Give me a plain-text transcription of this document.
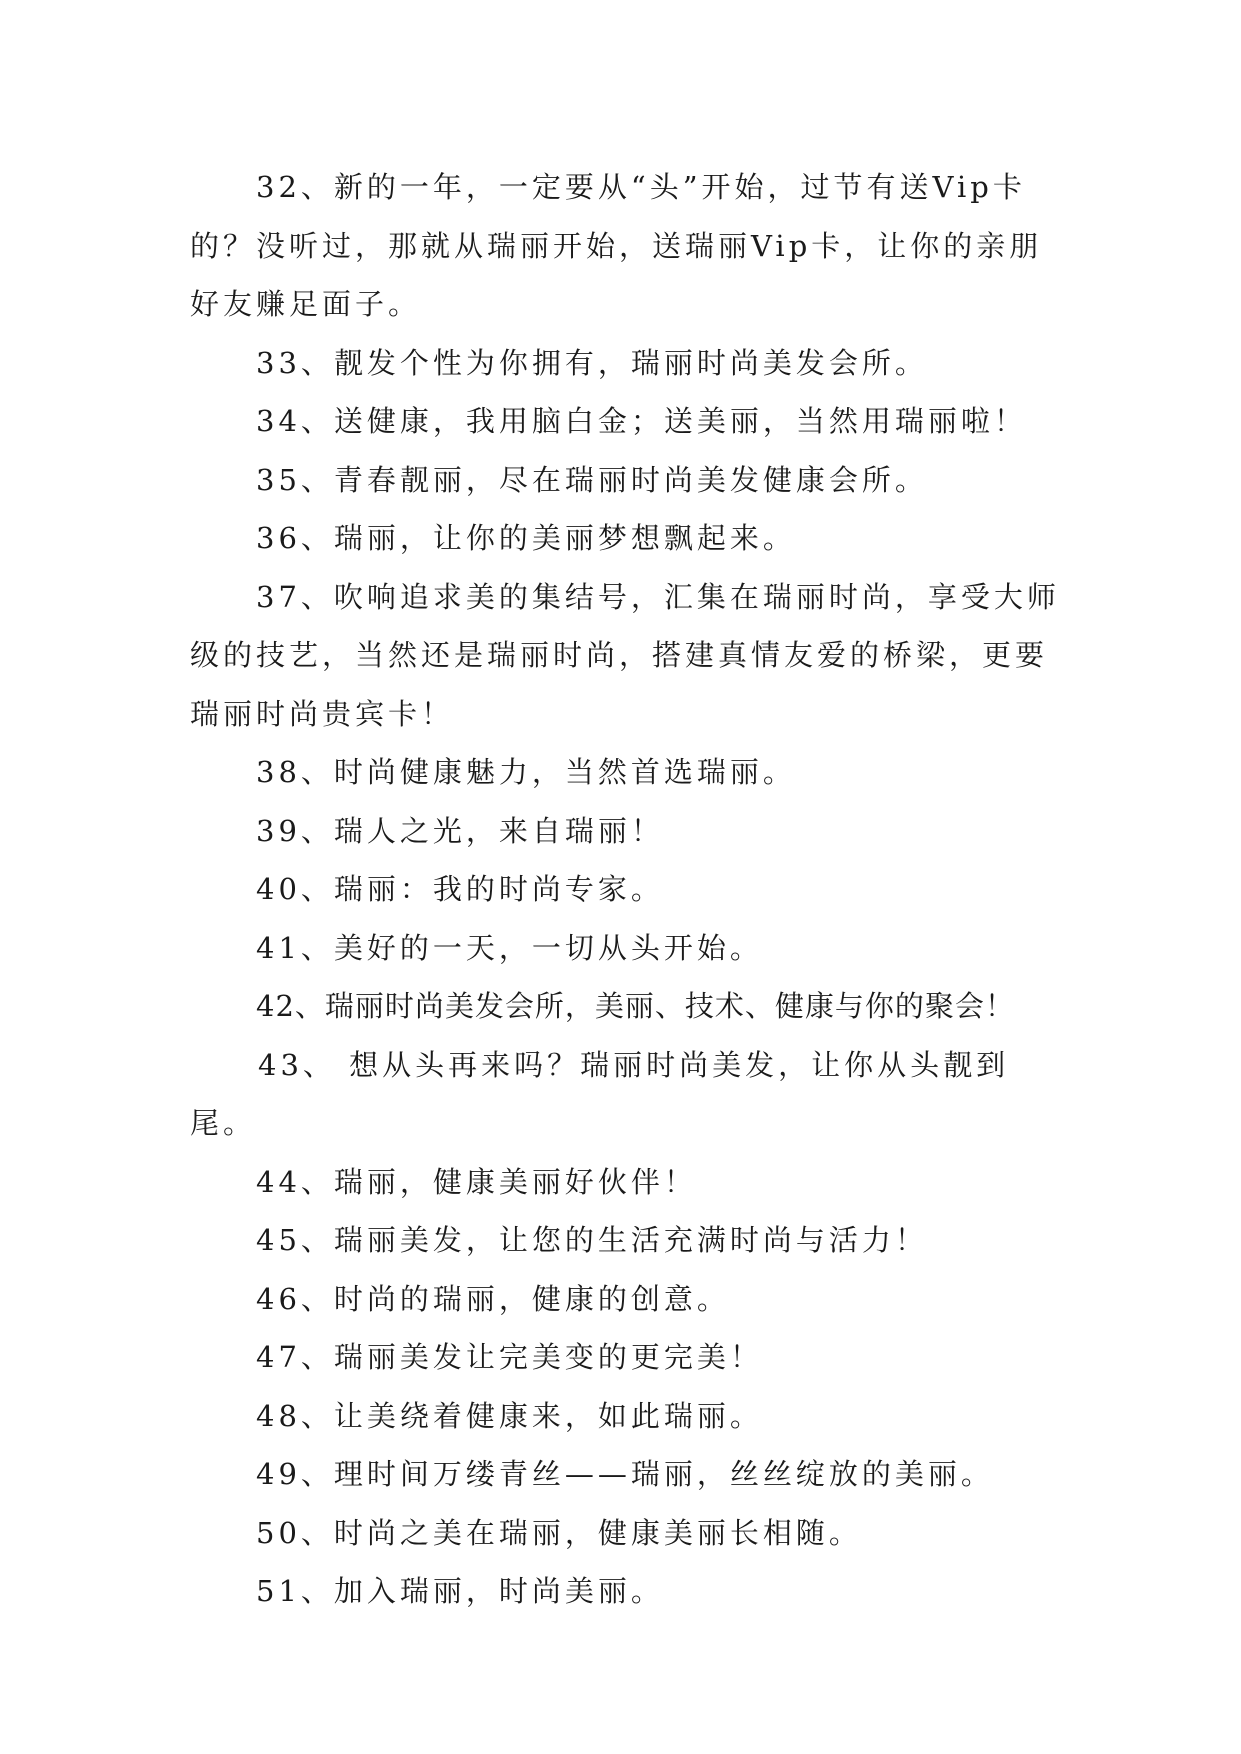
32、新的一年，一定要从“头”开始，过节有送Vip卡的？没听过，那就从瑞丽开始，送瑞丽Vip卡，让你的亲朋好友赚足面子。

33、靓发个性为你拥有，瑞丽时尚美发会所。

34、送健康，我用脑白金；送美丽，当然用瑞丽啦！

35、青春靓丽，尽在瑞丽时尚美发健康会所。

36、瑞丽，让你的美丽梦想飘起来。

37、吹响追求美的集结号，汇集在瑞丽时尚，享受大师级的技艺，当然还是瑞丽时尚，搭建真情友爱的桥梁，更要瑞丽时尚贵宾卡！

38、时尚健康魅力，当然首选瑞丽。

39、瑞人之光，来自瑞丽！

40、瑞丽：我的时尚专家。

41、美好的一天，一切从头开始。

42、瑞丽时尚美发会所，美丽、技术、健康与你的聚会！

43、 想从头再来吗？瑞丽时尚美发，让你从头靓到尾。

44、瑞丽，健康美丽好伙伴！

45、瑞丽美发，让您的生活充满时尚与活力！

46、时尚的瑞丽，健康的创意。

47、瑞丽美发让完美变的更完美！

48、让美绕着健康来，如此瑞丽。

49、理时间万缕青丝——瑞丽，丝丝绽放的美丽。

50、时尚之美在瑞丽，健康美丽长相随。

51、加入瑞丽，时尚美丽。
